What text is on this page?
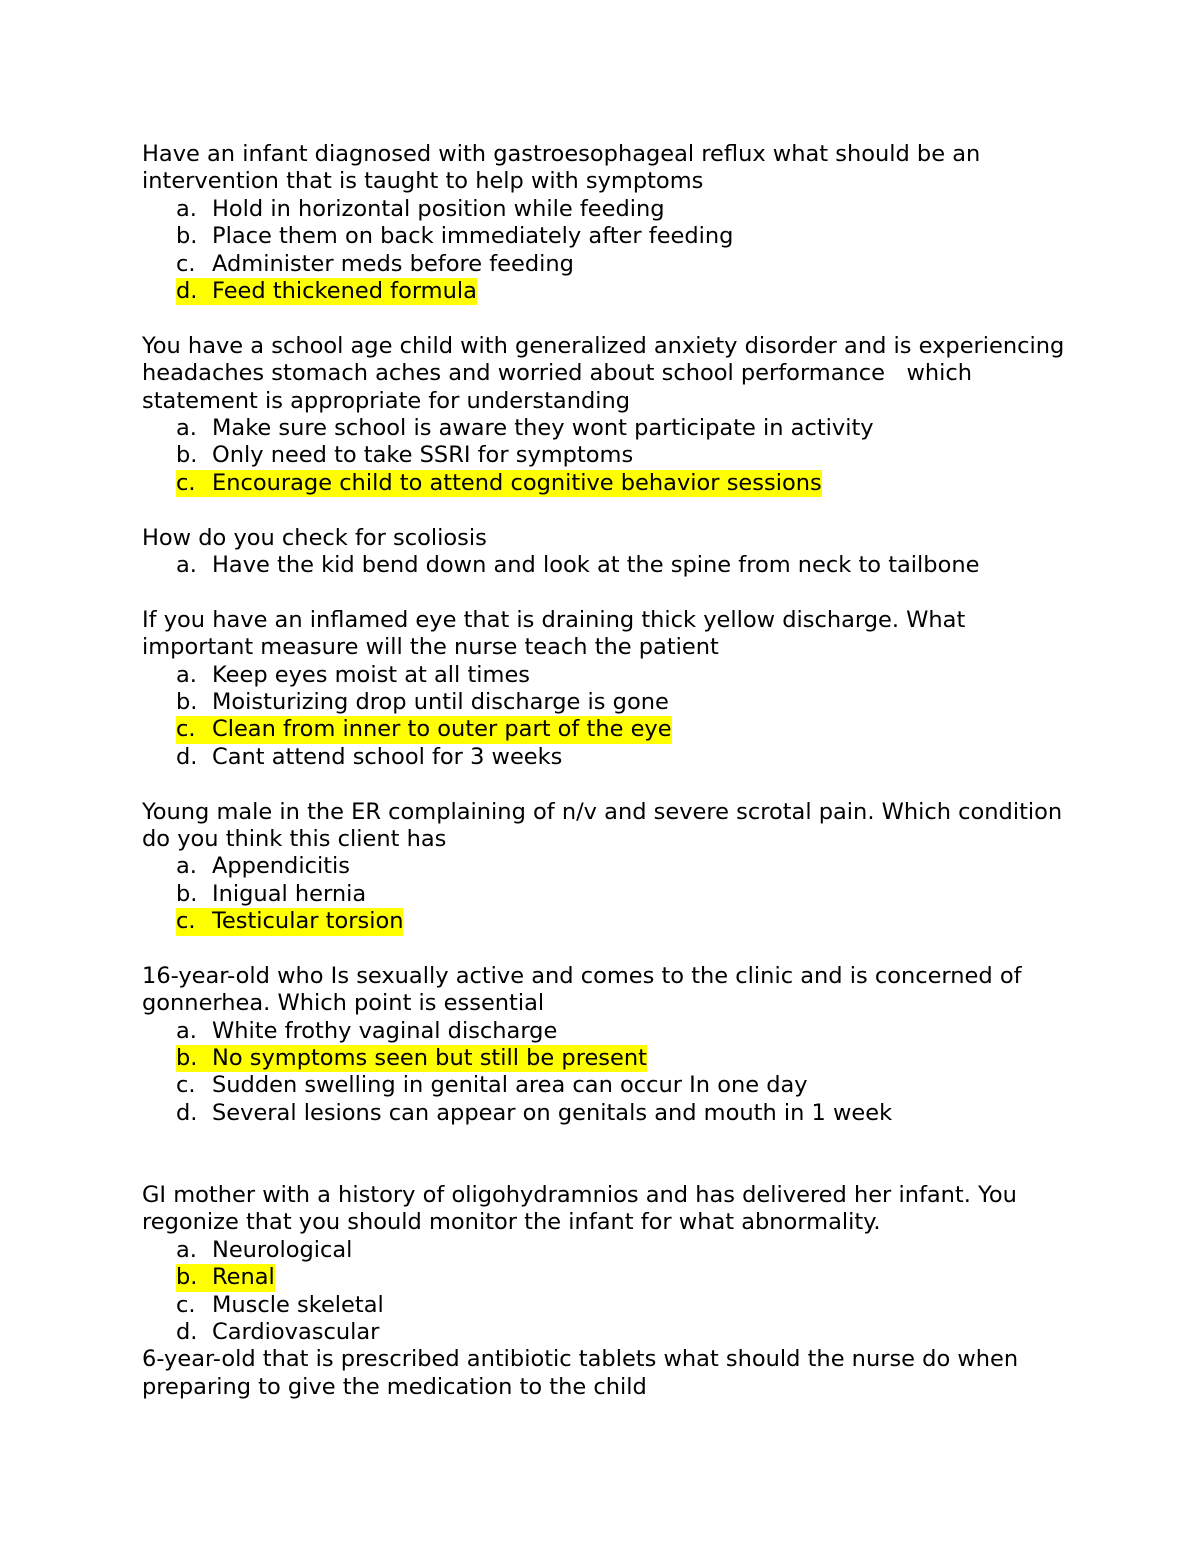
Have an infant diagnosed with gastroesophageal reflux what should be an intervention that is taught to help with symptoms

a. Hold in horizontal position while feeding
b. Place them on back immediately after feeding
c. Administer meds before feeding
d. Feed thickened formula

You have a school age child with generalized anxiety disorder and is experiencing headaches stomach aches and worried about school performance   which statement is appropriate for understanding

a. Make sure school is aware they wont participate in activity
b. Only need to take SSRI for symptoms
c. Encourage child to attend cognitive behavior sessions

How do you check for scoliosis

a. Have the kid bend down and look at the spine from neck to tailbone

If you have an inflamed eye that is draining thick yellow discharge. What important measure will the nurse teach the patient

a. Keep eyes moist at all times
b. Moisturizing drop until discharge is gone
c. Clean from inner to outer part of the eye
d. Cant attend school for 3 weeks

Young male in the ER complaining of n/v and severe scrotal pain. Which condition do you think this client has

a. Appendicitis
b. Inigual hernia
c. Testicular torsion

16-year-old who Is sexually active and comes to the clinic and is concerned of gonnerhea. Which point is essential

a. White frothy vaginal discharge
b. No symptoms seen but still be present
c. Sudden swelling in genital area can occur In one day
d. Several lesions can appear on genitals and mouth in 1 week

GI mother with a history of oligohydramnios and has delivered her infant. You regonize that you should monitor the infant for what abnormality.

a. Neurological
b. Renal
c. Muscle skeletal
d. Cardiovascular

6-year-old that is prescribed antibiotic tablets what should the nurse do when preparing to give the medication to the child
